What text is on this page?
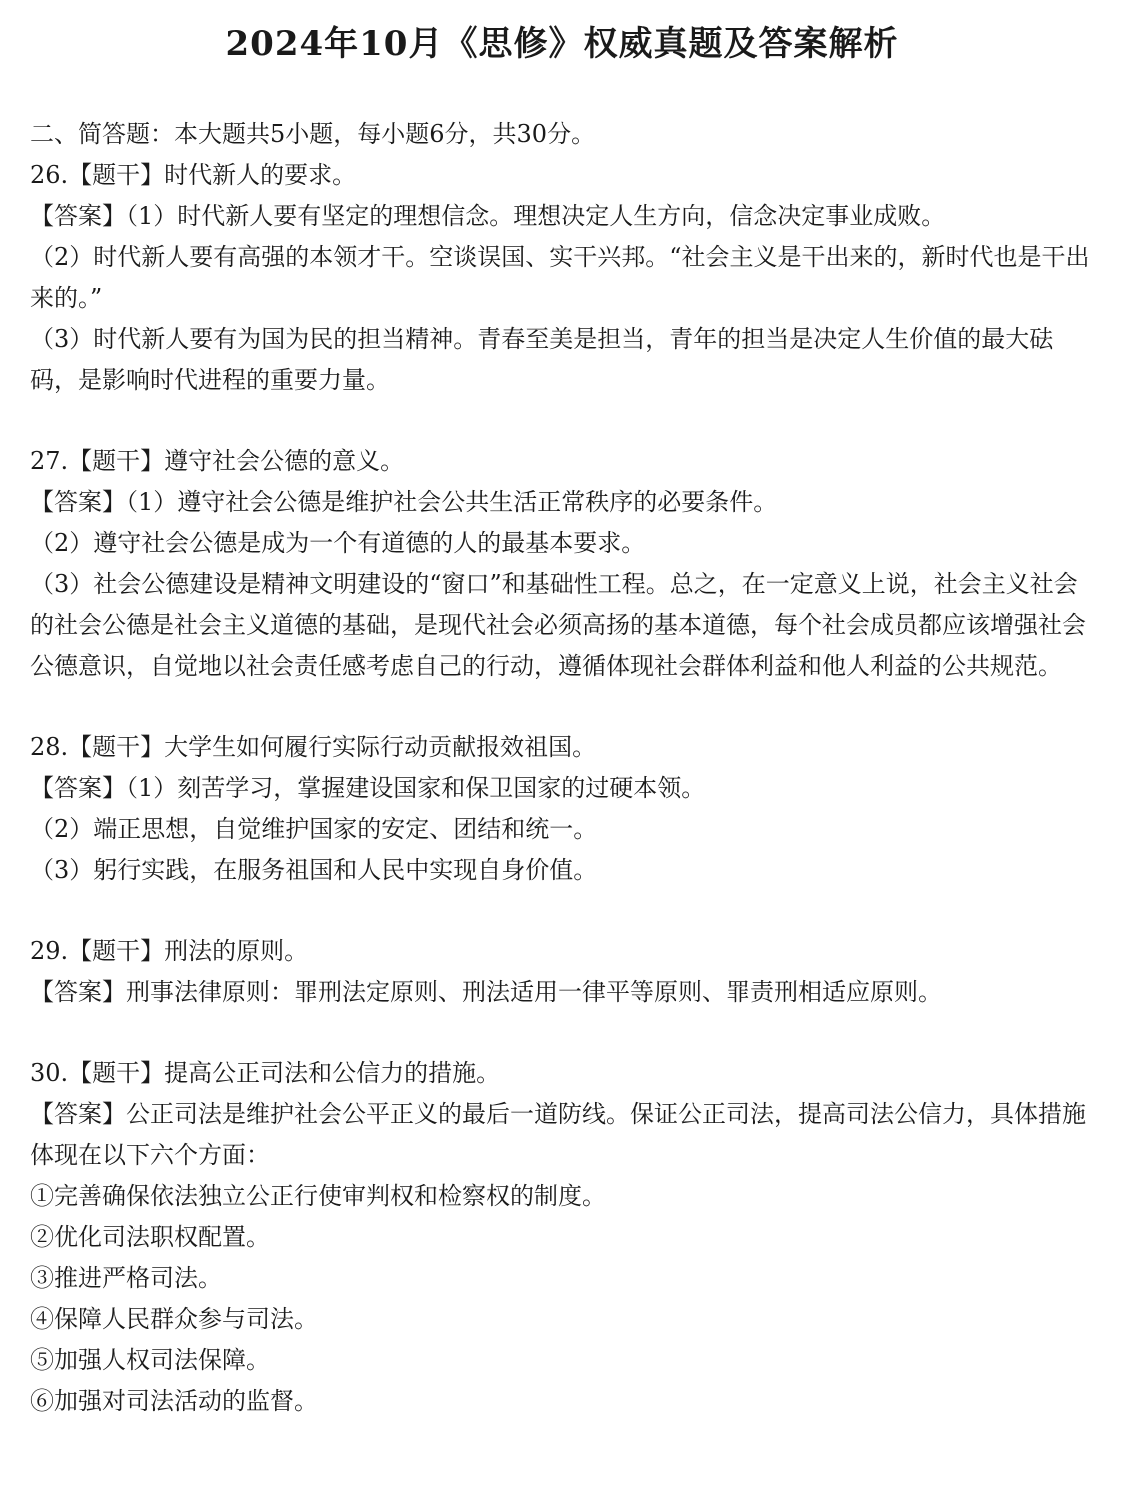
2024年10月《思修》权威真题及答案解析
二、简答题：本大题共5小题，每小题6分，共30分。
26.【题干】时代新人的要求。
【答案】（1）时代新人要有坚定的理想信念。理想决定人生方向，信念决定事业成败。
（2）时代新人要有高强的本领才干。空谈误国、实干兴邦。“社会主义是干出来的，新时代也是干出来的。”
（3）时代新人要有为国为民的担当精神。青春至美是担当，青年的担当是决定人生价值的最大砝码，是影响时代进程的重要力量。
27.【题干】遵守社会公德的意义。
【答案】（1）遵守社会公德是维护社会公共生活正常秩序的必要条件。
（2）遵守社会公德是成为一个有道德的人的最基本要求。
（3）社会公德建设是精神文明建设的“窗口”和基础性工程。总之，在一定意义上说，社会主义社会的社会公德是社会主义道德的基础，是现代社会必须高扬的基本道德，每个社会成员都应该增强社会公德意识，自觉地以社会责任感考虑自己的行动，遵循体现社会群体利益和他人利益的公共规范。
28.【题干】大学生如何履行实际行动贡献报效祖国。
【答案】（1）刻苦学习，掌握建设国家和保卫国家的过硬本领。
（2）端正思想，自觉维护国家的安定、团结和统一。
（3）躬行实践，在服务祖国和人民中实现自身价值。
29.【题干】刑法的原则。
【答案】刑事法律原则：罪刑法定原则、刑法适用一律平等原则、罪责刑相适应原则。
30.【题干】提高公正司法和公信力的措施。
【答案】公正司法是维护社会公平正义的最后一道防线。保证公正司法，提高司法公信力，具体措施体现在以下六个方面：
①完善确保依法独立公正行使审判权和检察权的制度。
②优化司法职权配置。
③推进严格司法。
④保障人民群众参与司法。
⑤加强人权司法保障。
⑥加强对司法活动的监督。
